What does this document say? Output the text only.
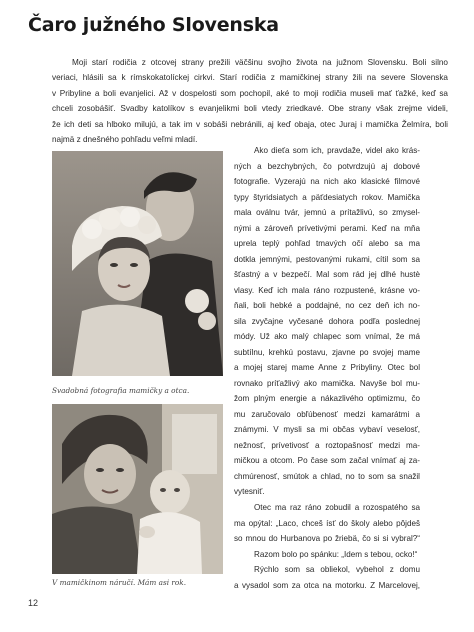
Čaro južného Slovenska
Moji starí rodičia z otcovej strany prežili väčšinu svojho života na južnom Slovensku. Boli silno
veriaci, hlásili sa k rímskokatolíckej cirkvi. Starí rodičia z mamičkinej strany žili na severe Slovenska
v Pribyline a boli evanjelici. Až v dospelosti som pochopil, aké to moji rodičia museli mať ťažké, keď sa
chceli zosobášiť. Svadby katolíkov s evanjelikmi boli vtedy zriedkavé. Obe strany však zrejme videli,
že ich deti sa hlboko milujú, a tak im v sobáši nebránili, aj keď obaja, otec Juraj i mamička Želmíra, boli
najmä z dnešného pohľadu veľmi mladí.
Svadobná fotografia mamičky a otca.
V mamičkinom náručí. Mám asi rok.
Ako dieťa som ich, pravdaže, videl ako krás-
ných a bezchybných, čo potvrdzujú aj dobové
fotografie. Vyzerajú na nich ako klasické filmové
typy štyridsiatych a päťdesiatych rokov. Mamička
mala oválnu tvár, jemnú a prítažlivú, so zmysel-
nými a zároveň prívetivými perami. Keď na mňa
uprela teplý pohľad tmavých očí alebo sa ma
dotkla jemnými, pestovanými rukami, cítil som sa
šťastný a v bezpečí. Mal som rád jej dlhé hustè
vlasy. Keď ich mala ráno rozpustené, krásne vo-
ňali, boli hebké a poddajné, no cez deň ich no-
sila zvyčajne vyčesané dohora podľa poslednej
módy. Už ako malý chlapec som vnímal, že má
subtílnu, krehkú postavu, zjavne po svojej mame
a mojej starej mame Anne z Pribyliny. Otec bol
rovnako príťažlivý ako mamička. Navyše bol mu-
žom plným energie a nákazlivého optimizmu, čo
mu zaručovalo obľúbenosť medzi kamarátmi a
známymi. V mysli sa mi občas vybaví veselosť,
nežnosť, prívetivosť a roztopašnosť medzi ma-
mičkou a otcom. Po čase som začal vnímať aj za-
chmúrenosť, smútok a chlad, no to som sa snažil
vytesniť.
Otec ma raz ráno zobudil a rozospatého sa
ma opýtal: „Laco, chceš ísť do školy alebo pôjdeš
so mnou do Hurbanova po žriebä, čo si si vybral?“
Razom bolo po spánku: „Idem s tebou, ocko!“
Rýchlo som sa obliekol, vybehol z domu
a vysadol som za otca na motorku. Z Marcelovej,
12
